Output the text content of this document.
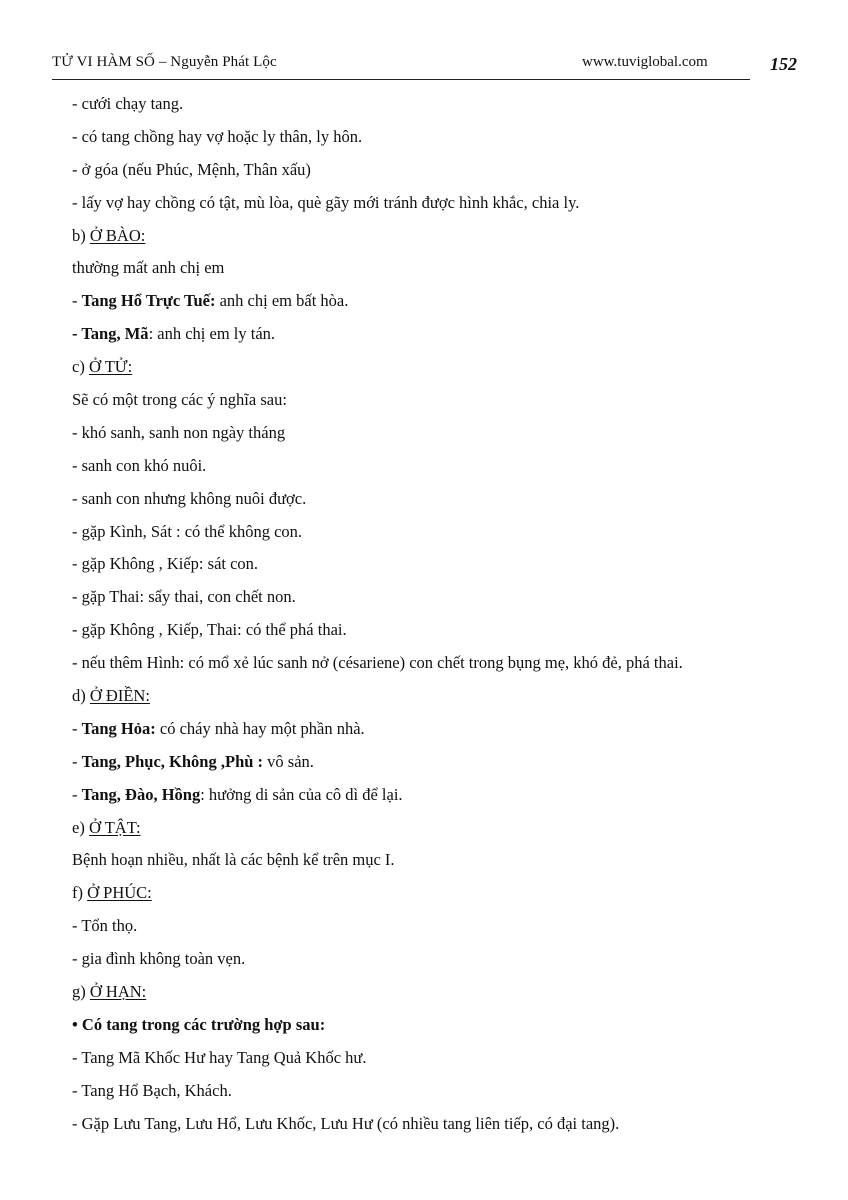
TỬ VI HÀM SỐ – Nguyễn Phát Lộc	www.tuviglobal.com	152
- cưới chạy tang.
- có tang chồng hay vợ hoặc ly thân, ly hôn.
- ở góa (nếu Phúc, Mệnh, Thân xấu)
- lấy vợ hay chồng có tật, mù lòa, què gãy mới tránh được hình khắc, chia ly.
b) Ở BÀO:
thường mất anh chị em
- Tang Hổ Trực Tuế: anh chị em bất hòa.
- Tang, Mã: anh chị em ly tán.
c) Ở TỬ:
Sẽ có một trong các ý nghĩa sau:
- khó sanh, sanh non ngày tháng
- sanh con khó nuôi.
- sanh con nhưng không nuôi được.
- gặp Kình, Sát : có thể không con.
- gặp Không , Kiếp: sát con.
- gặp Thai: sẩy thai, con chết non.
- gặp Không , Kiếp, Thai: có thể phá thai.
- nếu thêm Hình: có mổ xẻ lúc sanh nở (césariene) con chết trong bụng mẹ, khó đẻ, phá thai.
d) Ở ĐIỀN:
- Tang Hỏa: có cháy nhà hay một phần nhà.
- Tang, Phục, Không ,Phù : vô sản.
- Tang, Đào, Hồng: hưởng di sản của cô dì để lại.
e) Ở TẬT:
Bệnh hoạn nhiều, nhất là các bệnh kể trên mục I.
f) Ở PHÚC:
- Tổn thọ.
- gia đình không toàn vẹn.
g) Ở HẠN:
• Có tang trong các trường hợp sau:
- Tang Mã Khốc Hư hay Tang Quả Khốc hư.
- Tang Hổ Bạch, Khách.
- Gặp Lưu Tang, Lưu Hổ, Lưu Khốc, Lưu Hư (có nhiều tang liên tiếp, có đại tang).
